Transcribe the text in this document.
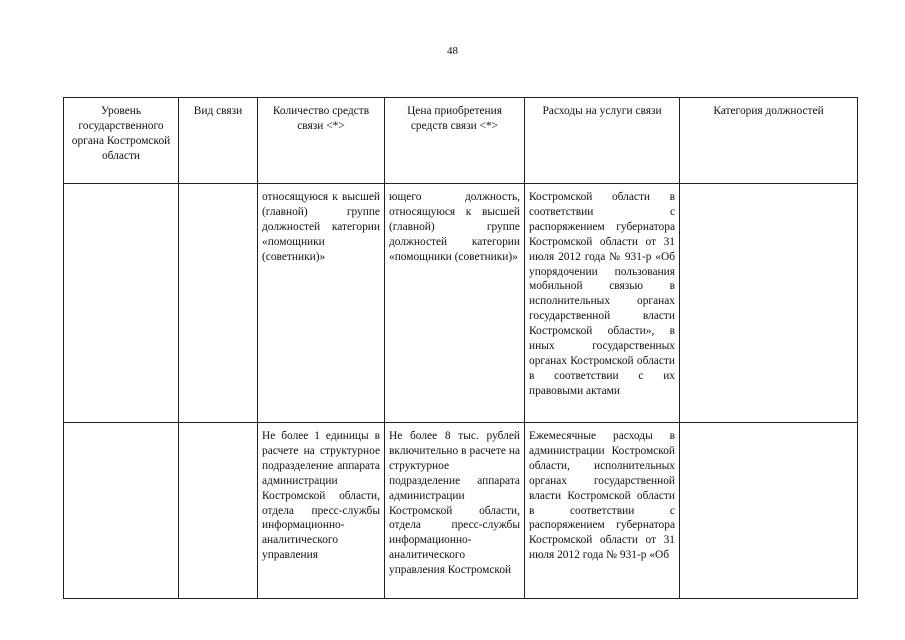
48
Уровень государственного органа Костромской области	Вид связи	Количество средств связи <*>	Цена приобретения средств связи <*>	Расходы на услуги связи	Категория должностей
		относящуюся к высшей (главной) группе должностей категории «помощники (советники)»	ющего должность, относящуюся к высшей (главной) группе должностей категории «помощники (советники)»	Костромской области в соответствии с распоряжением губернатора Костромской области от 31 июля 2012 года № 931-р «Об упорядочении пользования мобильной связью в исполнительных органах государственной власти Костромской области», в иных государственных органах Костромской области в соответствии с их правовыми актами	
		Не более 1 единицы в расчете на структурное подразделение аппарата администрации Костромской области, отдела пресс-службы информационно-аналитического управления	Не более 8 тыс. рублей включительно в расчете на структурное подразделение аппарата администрации Костромской области, отдела пресс-службы информационно-аналитического управления Костромской	Ежемесячные расходы в администрации Костромской области, исполнительных органах государственной власти Костромской области в соответствии с распоряжением губернатора Костромской области от 31 июля 2012 года № 931-р «Об	
